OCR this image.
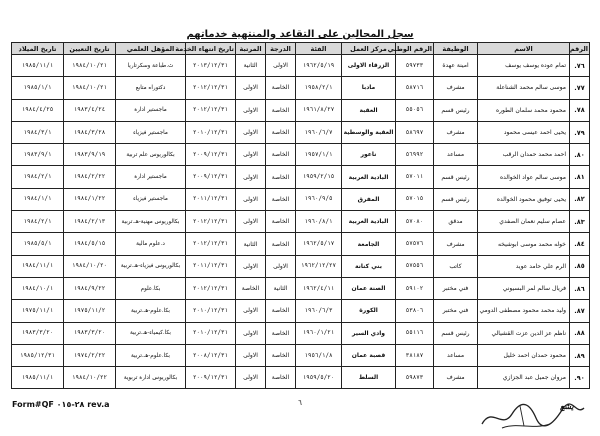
سجل المحالين على التقاعد والمنتهية خدماتهم
الرقم	الاسم	الوظيفة	الرقم الوطني	مركز العمل	الفئة	الدرجة	المرتبة	تاريخ انتهاء الخدمة	المؤهل العلمي	تاريخ التعيين	تاريخ الميلاد
٧٦.	تمام عوده يوسف يوسف	امينة عهدة	٥٩٧٣٣	الزرقاء الاولى	١٩٦٢/٥/١٩	الاولى	الثانية	٢٠١٣/١٢/٣١	ث.طباعة وسكرتاريا	١٩٨٤/١٠/٢١	١٩٨٥/١١/١
٧٧.	موسى سالم محمد الشناعلة	مشرف	٥٨٧١٦	مادبا	١٩٥٨/٢/١	الخاصة	الاولى	٢٠١٢/١٢/٣١	دكتوراه متابع	١٩٨٤/١٠/٢١	١٩٨٥/١/١
٧٨.	محمود محمد سلمان الطوره	رئيس قسم	٥٥٠٥٦	العقبة	١٩٦١/٨/٢٧	الخاصة	الاولى	٢٠١٢/١٢/٣١	ماجستير ادارة	١٩٨٣/٤/٢٤	١٩٨٤/٤/٢٥
٧٩.	يحيى احمد عيسى محمود	مشرف	٥٨٦٩٧	العقبة والوسطية	١٩٦٠/٦/٧	الخاصة	الاولى	٢٠١٠/١٢/٣١	ماجستير فيزياء	١٩٨٤/٣/٢٨	١٩٨٤/٣/١
٨٠.	احمد محمد حمدان الرقب	مساعد	٥٦٩٩٢	ناعور	١٩٥٧/١/١	الخاصة	الاولى	٢٠٠٩/١٢/٣١	بكالوريوس علم تربية	١٩٨٣/٩/١٩	١٩٨٣/٩/١
٨١.	موسى سالم عواد الخوالده	رئيس قسم	٥٧٠١١	البادية الغربية	١٩٥٩/٢/١٥	الخاصة	الاولى	٢٠٠٩/١٢/٣١	ماجستير ادارة	١٩٨٤/٢/٢٢	١٩٨٤/٢/١
٨٢.	يحيى توفيق محمود الخوالده	رئيس قسم	٥٧٠١٥	المفرق	١٩٦٠/٩/٥	الخاصة	الاولى	٢٠١١/١٢/٣١	ماجستير فيزياء	١٩٨٤/١/٢٢	١٩٨٤/١/١
٨٣.	عصام سليم نعمان الصفدي	مدقق	٥٧٠٨٠	البادية الغربية	١٩٦٠/٨/١	الخاصة	الاولى	٢٠١٢/١٢/٣١	بكالوريوس مهنية-هـ.تربية	١٩٨٤/٢/١٣	١٩٨٤/٢/١
٨٤.	خوله محمد موسى ابوشيخه	مشرف	٥٧٥٧٦	الجامعة	١٩٦٢/٥/١٧	الخاصة	الثانية	٢٠١٢/١٢/٣١	د.علوم مالية	١٩٨٤/٥/١٥	١٩٨٥/٥/١
٨٥.	الرم علي حامد عويد	كاتب	٥٧٥٥٦	بني كنانة	١٩٦٢/١٢/٢٧	الاولى	الاولى	٢٠١١/١٢/٣١	بكالوريوس فيزياء-هـ.تربية	١٩٨٤/١٠/٢٠	١٩٨٤/١١/١
٨٦.	فريال سالم لمر البسيوني	فني مختبر	٥٩١٠٢	الصنة عمان	١٩٦٢/٤/١١	الثانية	الخاصة	٢٠١٢/١٢/٣١	بكا.علوم	١٩٨٤/٩/٢٢	١٩٨٤/١٠/١
٨٧.	وليد محمد محمود مصطفى الدومي	فني مختبر	٥٣٨٠٦	الكورة	١٩٦٠/٦/٣	الخاصة	الاولى	٢٠١٠/١٢/٣١	بكا.علوم-هـ.تربية	١٩٧٥/١١/٢	١٩٧٥/١١/١
٨٨.	ناظم عز الدين عزت القشيالي	رئيس قسم	٥٥١١٦	وادي السير	١٩٦٠/١/٢١	الخاصة	الاولى	٢٠١٠/١٢/٣١	بكا.كيمياء-هـ.تربية	١٩٨٣/٣/٢٠	١٩٨٣/٣/٢٠
٨٩.	محمود حمدان احمد خليل	مساعد	٣٨١٨٧	قصبة عمان	١٩٥٦/١/٨	الخاصة	الاولى	٢٠٠٨/١٢/٣١	بكا.علوم-هـ.تربية	١٩٧٤/٢/٢٢	١٩٨٥/١٢/٣١
٩٠.	مروان جميل عبد الجزازي	مشرف	٥٩٨٧٣	السلط	١٩٥٩/٥/٢٠	الخاصة	الاولى	٢٠٠٩/١٢/٣١	بكالوريوس ادارة تربوية	١٩٨٤/١٠/٢٢	١٩٨٥/١١/١
٦
Form#QF ٢٨-٠١٥ rev.a	يشع
